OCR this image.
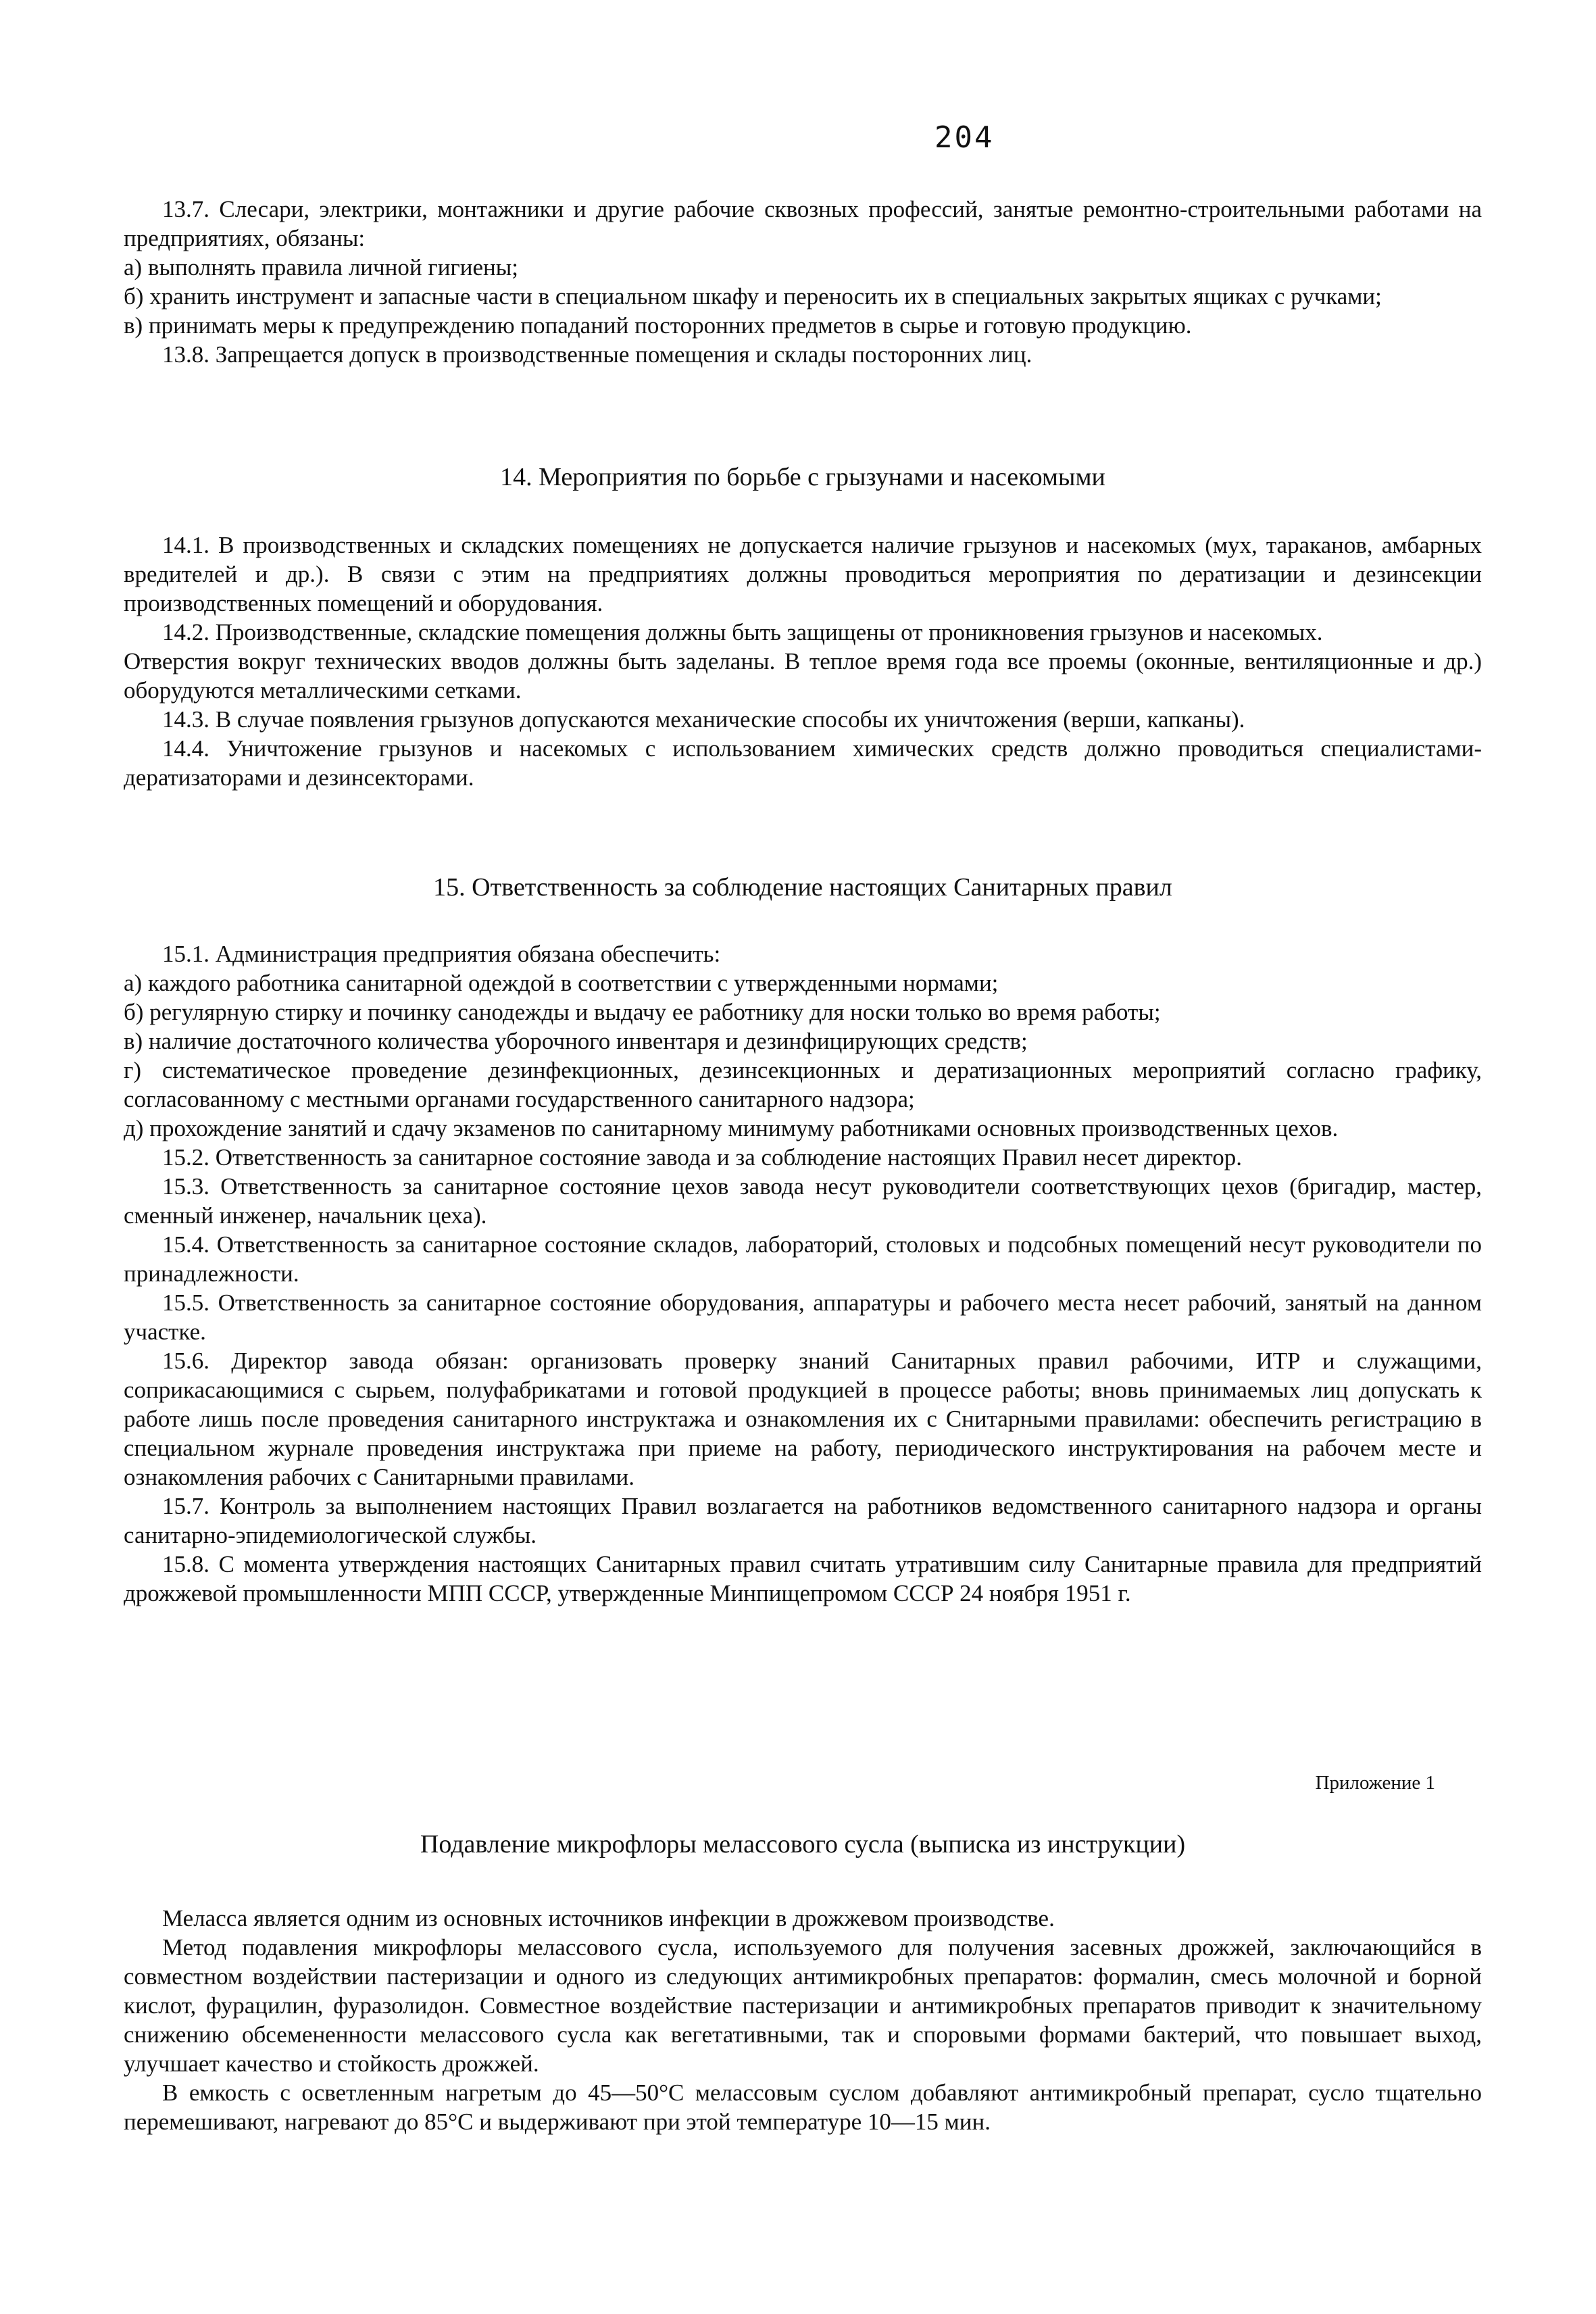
204

13.7. Слесари, электрики, монтажники и другие рабочие сквозных профессий, занятые ремонтно-строительными работами на предприятиях, обязаны:

а) выполнять правила личной гигиены;

б) хранить инструмент и запасные части в специальном шкафу и переносить их в специальных закрытых ящиках с ручками;

в) принимать меры к предупреждению попаданий посторонних предметов в сырье и готовую продукцию.

13.8. Запрещается допуск в производственные помещения и склады посторонних лиц.

14. Мероприятия по борьбе с грызунами и насекомыми

14.1. В производственных и складских помещениях не допускается наличие грызунов и насекомых (мух, тараканов, амбарных вредителей и др.). В связи с этим на предприятиях должны проводиться мероприятия по дератизации и дезинсекции производственных помещений и оборудования.

14.2. Производственные, складские помещения должны быть защищены от проникновения грызунов и насекомых.

Отверстия вокруг технических вводов должны быть заделаны. В теплое время года все проемы (оконные, вентиляционные и др.) оборудуются металлическими сетками.

14.3. В случае появления грызунов допускаются механические способы их уничтожения (верши, капканы).

14.4. Уничтожение грызунов и насекомых с использованием химических средств должно проводиться специалистами-дератизаторами и дезинсекторами.

15. Ответственность за соблюдение настоящих Санитарных правил

15.1. Администрация предприятия обязана обеспечить:

а) каждого работника санитарной одеждой в соответствии с утвержденными нормами;

б) регулярную стирку и починку санодежды и выдачу ее работнику для носки только во время работы;

в) наличие достаточного количества уборочного инвентаря и дезинфицирующих средств;

г) систематическое проведение дезинфекционных, дезинсекционных и дератизационных мероприятий согласно графику, согласованному с местными органами государственного санитарного надзора;

д) прохождение занятий и сдачу экзаменов по санитарному минимуму работниками основных производственных цехов.

15.2. Ответственность за санитарное состояние завода и за соблюдение настоящих Правил несет директор.

15.3. Ответственность за санитарное состояние цехов завода несут руководители соответствующих цехов (бригадир, мастер, сменный инженер, начальник цеха).

15.4. Ответственность за санитарное состояние складов, лабораторий, столовых и подсобных помещений несут руководители по принадлежности.

15.5. Ответственность за санитарное состояние оборудования, аппаратуры и рабочего места несет рабочий, занятый на данном участке.

15.6. Директор завода обязан: организовать проверку знаний Санитарных правил рабочими, ИТР и служащими, соприкасающимися с сырьем, полуфабрикатами и готовой продукцией в процессе работы; вновь принимаемых лиц допускать к работе лишь после проведения санитарного инструктажа и ознакомления их с Снитарными правилами: обеспечить регистрацию в специальном журнале проведения инструктажа при приеме на работу, периодического инструктирования на рабочем месте и ознакомления рабочих с Санитарными правилами.

15.7. Контроль за выполнением настоящих Правил возлагается на работников ведомственного санитарного надзора и органы санитарно-эпидемиологической службы.

15.8. С момента утверждения настоящих Санитарных правил считать утратившим силу Санитарные правила для предприятий дрожжевой промышленности МПП СССР, утвержденные Минпищепромом СССР 24 ноября 1951 г.

Приложение 1
Подавление микрофлоры мелассового сусла (выписка из инструкции)

Меласса является одним из основных источников инфекции в дрожжевом производстве.

Метод подавления микрофлоры мелассового сусла, используемого для получения засевных дрожжей, заключающийся в совместном воздействии пастеризации и одного из следующих антимикробных препаратов: формалин, смесь молочной и борной кислот, фурацилин, фуразолидон. Совместное воздействие пастеризации и антимикробных препаратов приводит к значительному снижению обсемененности мелассового сусла как вегетативными, так и споровыми формами бактерий, что повышает выход, улучшает качество и стойкость дрожжей.

В емкость с осветленным нагретым до 45—50°С мелассовым суслом добавляют антимикробный препарат, сусло тщательно перемешивают, нагревают до 85°С и выдерживают при этой температуре 10—15 мин.
